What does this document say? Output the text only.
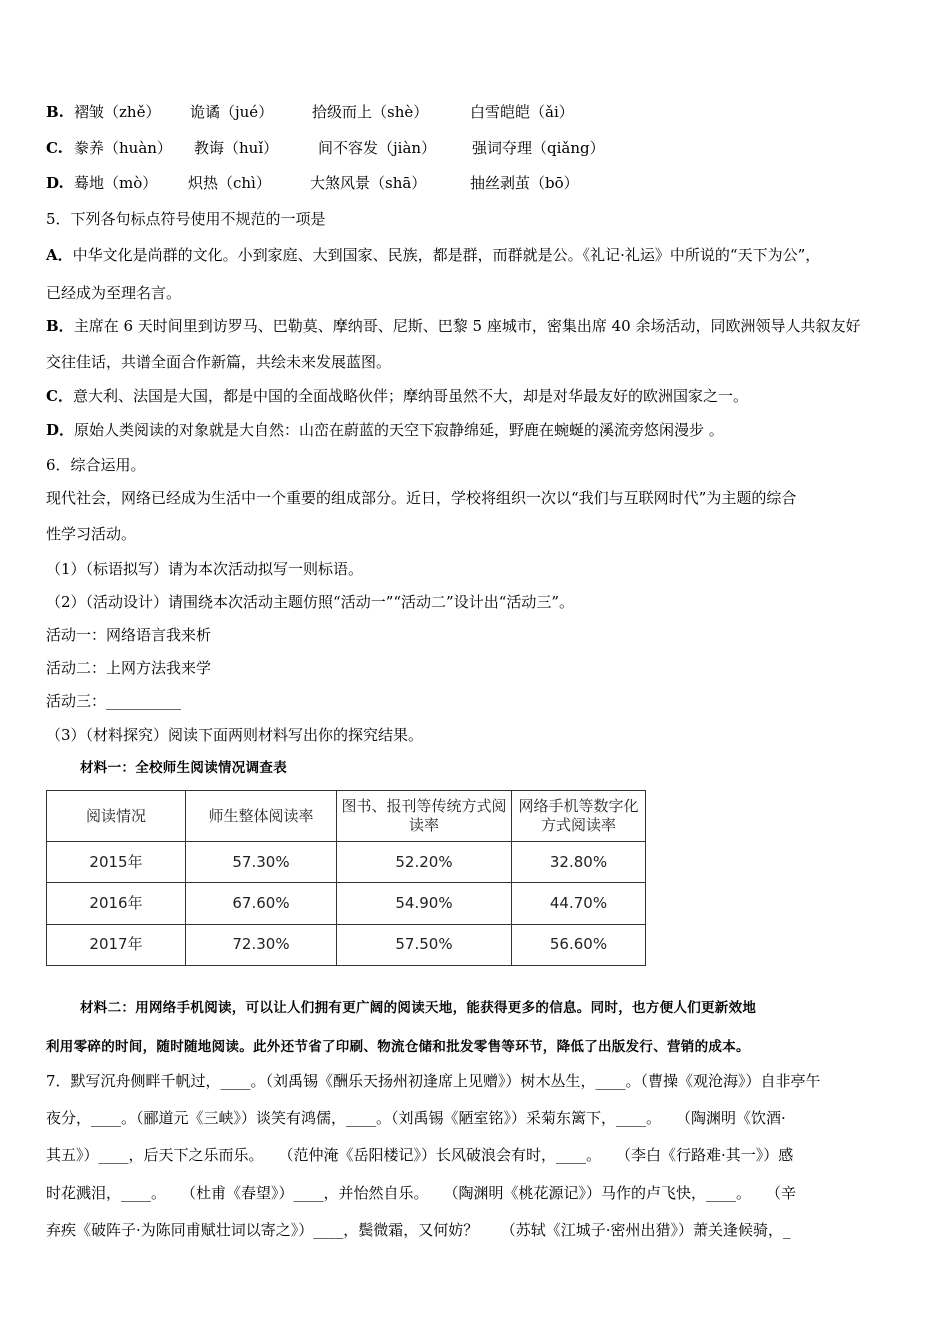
B. 褶皱（zhě） 诡谲（jué）	拾级而上（shè）	白雪皑皑（ǎi）
C. 豢养（huàn） 教诲（huǐ）	间不容发（jiàn） 强词夺理（qiǎng）
D. 蓦地（mò） 炽热（chì）	大煞风景（shā）	抽丝剥茧（bō）
5．下列各句标点符号使用不规范的一项是
A．中华文化是尚群的文化。小到家庭、大到国家、民族，都是群，而群就是公。《礼记·礼运》中所说的“天下为公”，
已经成为至理名言。
B．主席在 6 天时间里到访罗马、巴勒莫、摩纳哥、尼斯、巴黎 5 座城市，密集出席 40 余场活动，同欧洲领导人共叙友好
交往佳话，共谱全面合作新篇，共绘未来发展蓝图。
C．意大利、法国是大国，都是中国的全面战略伙伴；摩纳哥虽然不大，却是对华最友好的欧洲国家之一。
D．原始人类阅读的对象就是大自然：山峦在蔚蓝的天空下寂静绵延，野鹿在蜿蜒的溪流旁悠闲漫步 。
6．综合运用。
现代社会，网络已经成为生活中一个重要的组成部分。近日，学校将组织一次以“我们与互联网时代”为主题的综合
性学习活动。
（1）（标语拟写）请为本次活动拟写一则标语。
（2）（活动设计）请围绕本次活动主题仿照“活动一”“活动二”设计出“活动三”。
活动一：网络语言我来析
活动二：上网方法我来学
活动三：__________
（3）（材料探究）阅读下面两则材料写出你的探究结果。
材料一：全校师生阅读情况调查表
阅读情况	师生整体阅读率	图书、报刊等传统方式阅读率	网络手机等数字化方式阅读率
2015年	57.30%	52.20%	32.80%
2016年	67.60%	54.90%	44.70%
2017年	72.30%	57.50%	56.60%
材料二：用网络手机阅读，可以让人们拥有更广阔的阅读天地，能获得更多的信息。同时，也方便人们更新效地
利用零碎的时间，随时随地阅读。此外还节省了印刷、物流仓储和批发零售等环节，降低了出版发行、营销的成本。
7．默写沉舟侧畔千帆过，____。（刘禹锡《酬乐天扬州初逢席上见赠》）树木丛生，____。（曹操《观沧海》）自非亭午
夜分，____。（郦道元《三峡》）谈笑有鸿儒，____。（刘禹锡《陋室铭》）采菊东篱下，____。　　（陶渊明《饮酒·
其五》）____，后天下之乐而乐。　　（范仲淹《岳阳楼记》）长风破浪会有时，____。　　（李白《行路难·其一》）感
时花溅泪，____。　　（杜甫《春望》）____，并怡然自乐。　　（陶渊明《桃花源记》）马作的卢飞快，____。　　（辛
弃疾《破阵子·为陈同甫赋壮词以寄之》）____，鬓微霜，又何妨？　　（苏轼《江城子·密州出猎》）萧关逢候骑，_
